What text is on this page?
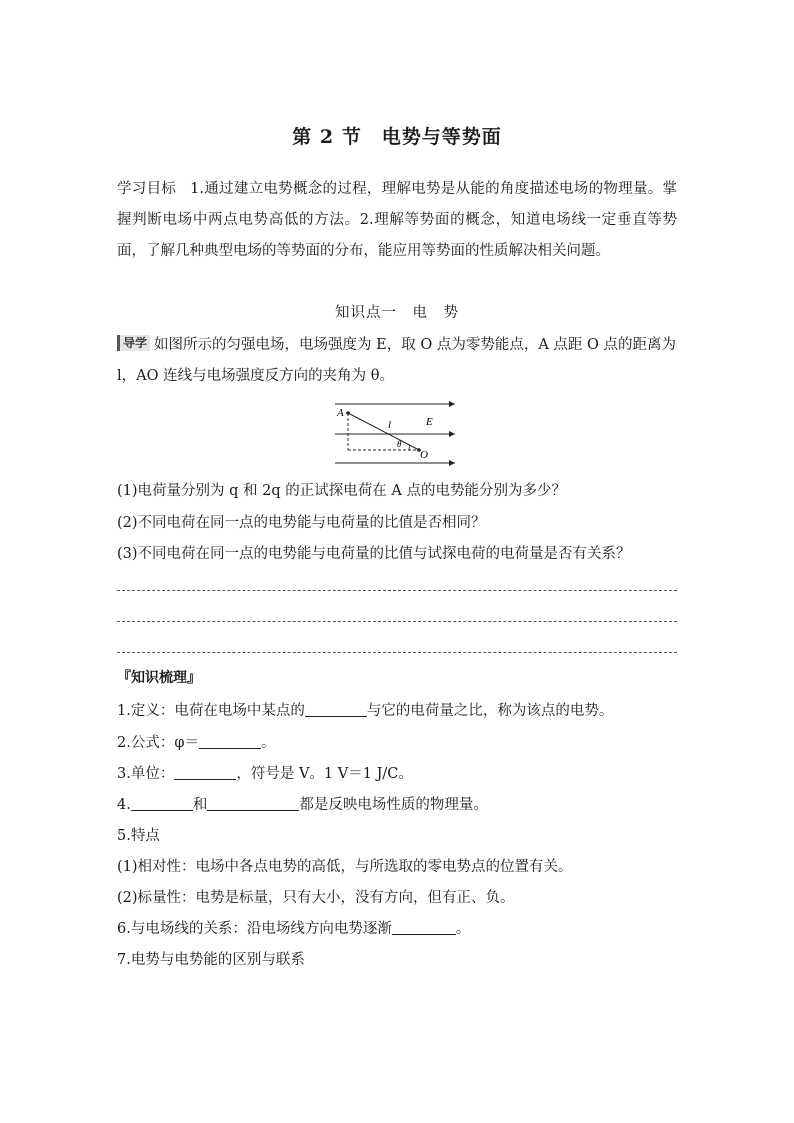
第 2 节　电势与等势面
学习目标 1.通过建立电势概念的过程，理解电势是从能的角度描述电场的物理量。掌握判断电场中两点电势高低的方法。2.理解等势面的概念，知道电场线一定垂直等势面，了解几种典型电场的等势面的分布，能应用等势面的性质解决相关问题。
知识点一　电　势
导学 如图所示的匀强电场，电场强度为 E，取 O 点为零势能点，A 点距 O 点的距离为 l，AO 连线与电场强度反方向的夹角为 θ。
A
l	E
θ
O
(1)电荷量分别为 q 和 2q 的正试探电荷在 A 点的电势能分别为多少？
(2)不同电荷在同一点的电势能与电荷量的比值是否相同？
(3)不同电荷在同一点的电势能与电荷量的比值与试探电荷的电荷量是否有关系？
『知识梳理』
1.定义：电荷在电场中某点的	与它的电荷量之比，称为该点的电势。
2.公式：φ＝	。
3.单位：	，符号是 V。1 V＝1 J/C。
4.	和	都是反映电场性质的物理量。
5.特点
(1)相对性：电场中各点电势的高低，与所选取的零电势点的位置有关。
(2)标量性：电势是标量，只有大小，没有方向，但有正、负。
6.与电场线的关系：沿电场线方向电势逐渐	。
7.电势与电势能的区别与联系
